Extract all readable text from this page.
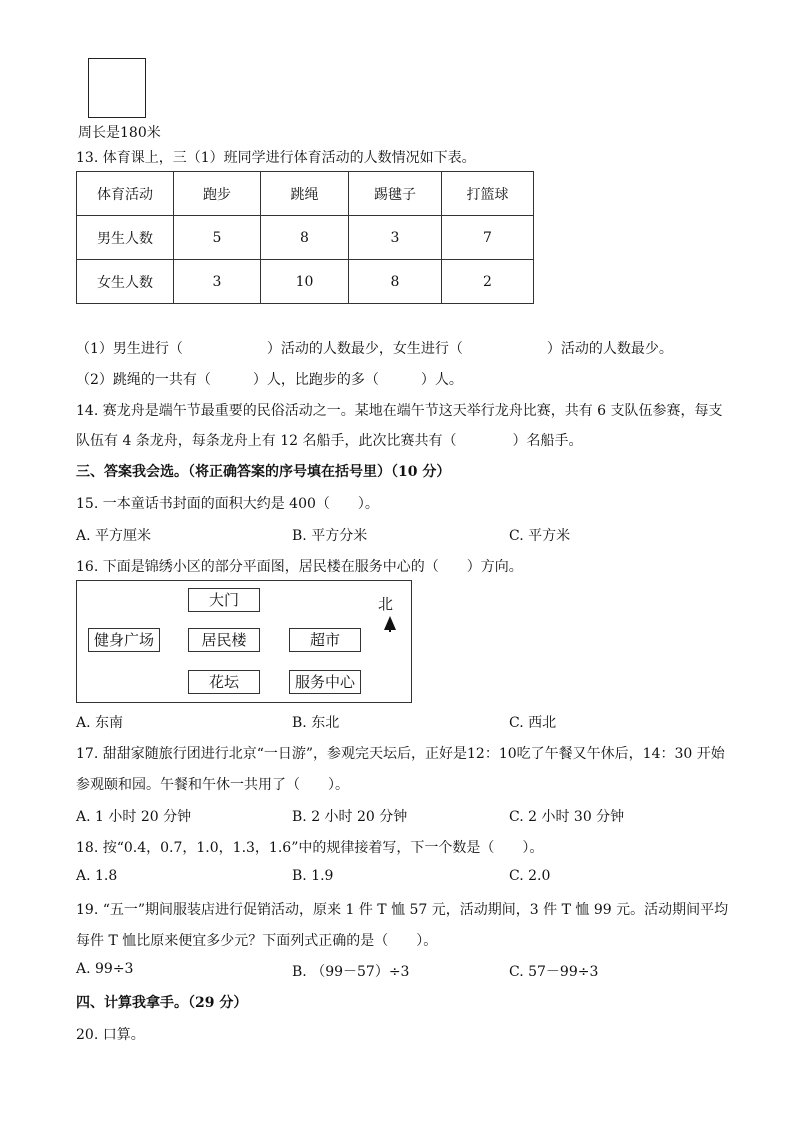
周长是180米
13. 体育课上，三（1）班同学进行体育活动的人数情况如下表。
体育活动	跑步	跳绳	踢毽子	打篮球
男生人数	5	8	3	7
女生人数	3	10	8	2
（1）男生进行（　　　　　　）活动的人数最少，女生进行（　　　　　　）活动的人数最少。
（2）跳绳的一共有（　　　）人，比跑步的多（　　　）人。
14. 赛龙舟是端午节最重要的民俗活动之一。某地在端午节这天举行龙舟比赛，共有 6 支队伍参赛，每支
队伍有 4 条龙舟，每条龙舟上有 12 名船手，此次比赛共有（　　　　）名船手。
三、答案我会选。（将正确答案的序号填在括号里）（10 分）
15. 一本童话书封面的面积大约是 400（　　）。
A. 平方厘米	B. 平方分米	C. 平方米
16. 下面是锦绣小区的部分平面图，居民楼在服务中心的（　　）方向。
大门
健身广场	居民楼	超市
花坛	服务中心
北
A. 东南	B. 东北	C. 西北
17. 甜甜家随旅行团进行北京“一日游”，参观完天坛后，正好是12：10吃了午餐又午休后，14：30 开始
参观颐和园。午餐和午休一共用了（　　）。
A. 1 小时 20 分钟	B. 2 小时 20 分钟	C. 2 小时 30 分钟
18. 按“0.4，0.7，1.0，1.3，1.6”中的规律接着写，下一个数是（　　）。
A. 1.8	B. 1.9	C. 2.0
19. “五一”期间服装店进行促销活动，原来 1 件 T 恤 57 元，活动期间，3 件 T 恤 99 元。活动期间平均
每件 T 恤比原来便宜多少元？下面列式正确的是（　　）。
A. 99÷3	B. （99－57）÷3	C. 57－99÷3
四、计算我拿手。（29 分）
20. 口算。
